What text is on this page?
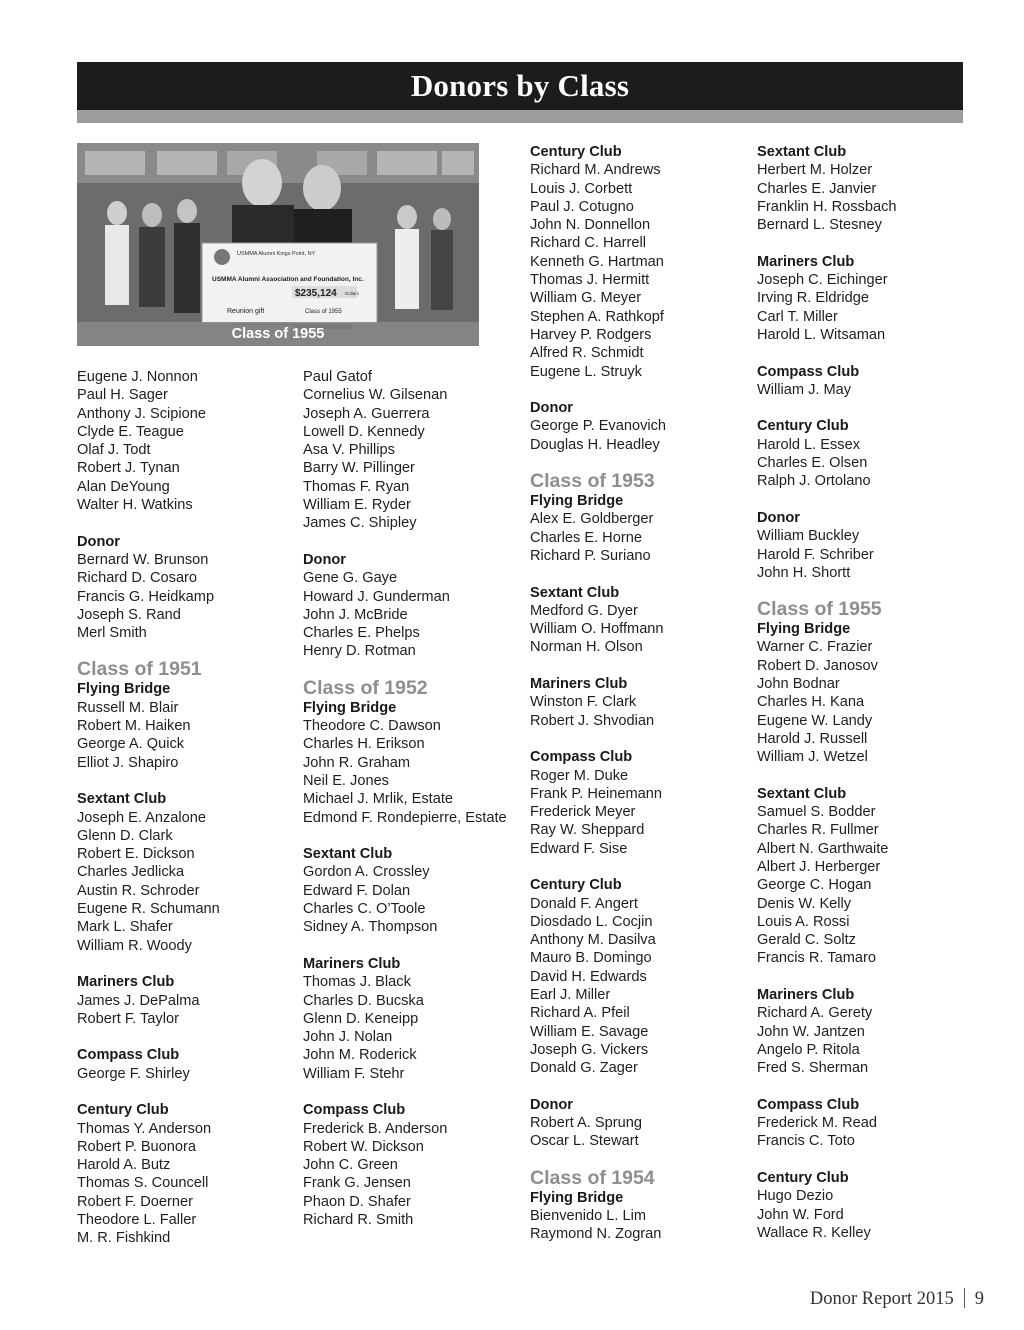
Donors by Class
USMMA Alumni Kings Point, NY
USMMA Alumni Association and Foundation, Inc.
$235,124 Dollars
Reunion gift	Class of 1955
Class of 1955
Eugene J. Nonnon
Paul H. Sager
Anthony J. Scipione
Clyde E. Teague
Olaf J. Todt
Robert J. Tynan
Alan DeYoung
Walter H. Watkins
Donor
Bernard W. Brunson
Richard D. Cosaro
Francis G. Heidkamp
Joseph S. Rand
Merl Smith
Class of 1951
Flying Bridge
Russell M. Blair
Robert M. Haiken
George A. Quick
Elliot J. Shapiro
Sextant Club
Joseph E. Anzalone
Glenn D. Clark
Robert E. Dickson
Charles Jedlicka
Austin R. Schroder
Eugene R. Schumann
Mark L. Shafer
William R. Woody
Mariners Club
James J. DePalma
Robert F. Taylor
Compass Club
George F. Shirley
Century Club
Thomas Y. Anderson
Robert P. Buonora
Harold A. Butz
Thomas S. Councell
Robert F. Doerner
Theodore L. Faller
M. R. Fishkind
Paul Gatof
Cornelius W. Gilsenan
Joseph A. Guerrera
Lowell D. Kennedy
Asa V. Phillips
Barry W. Pillinger
Thomas F. Ryan
William E. Ryder
James C. Shipley
Donor
Gene G. Gaye
Howard J. Gunderman
John J. McBride
Charles E. Phelps
Henry D. Rotman
Class of 1952
Flying Bridge
Theodore C. Dawson
Charles H. Erikson
John R. Graham
Neil E. Jones
Michael J. Mrlik, Estate
Edmond F. Rondepierre, Estate
Sextant Club
Gordon A. Crossley
Edward F. Dolan
Charles C. O’Toole
Sidney A. Thompson
Mariners Club
Thomas J. Black
Charles D. Bucska
Glenn D. Keneipp
John J. Nolan
John M. Roderick
William F. Stehr
Compass Club
Frederick B. Anderson
Robert W. Dickson
John C. Green
Frank G. Jensen
Phaon D. Shafer
Richard R. Smith
Century Club
Richard M. Andrews
Louis J. Corbett
Paul J. Cotugno
John N. Donnellon
Richard C. Harrell
Kenneth G. Hartman
Thomas J. Hermitt
William G. Meyer
Stephen A. Rathkopf
Harvey P. Rodgers
Alfred R. Schmidt
Eugene L. Struyk
Donor
George P. Evanovich
Douglas H. Headley
Class of 1953
Flying Bridge
Alex E. Goldberger
Charles E. Horne
Richard P. Suriano
Sextant Club
Medford G. Dyer
William O. Hoffmann
Norman H. Olson
Mariners Club
Winston F. Clark
Robert J. Shvodian
Compass Club
Roger M. Duke
Frank P. Heinemann
Frederick Meyer
Ray W. Sheppard
Edward F. Sise
Century Club
Donald F. Angert
Diosdado L. Cocjin
Anthony M. Dasilva
Mauro B. Domingo
David H. Edwards
Earl J. Miller
Richard A. Pfeil
William E. Savage
Joseph G. Vickers
Donald G. Zager
Donor
Robert A. Sprung
Oscar L. Stewart
Class of 1954
Flying Bridge
Bienvenido L. Lim
Raymond N. Zogran
Sextant Club
Herbert M. Holzer
Charles E. Janvier
Franklin H. Rossbach
Bernard L. Stesney
Mariners Club
Joseph C. Eichinger
Irving R. Eldridge
Carl T. Miller
Harold L. Witsaman
Compass Club
William J. May
Century Club
Harold L. Essex
Charles E. Olsen
Ralph J. Ortolano
Donor
William Buckley
Harold F. Schriber
John H. Shortt
Class of 1955
Flying Bridge
Warner C. Frazier
Robert D. Janosov
John Bodnar
Charles H. Kana
Eugene W. Landy
Harold J. Russell
William J. Wetzel
Sextant Club
Samuel S. Bodder
Charles R. Fullmer
Albert N. Garthwaite
Albert J. Herberger
George C. Hogan
Denis W. Kelly
Louis A. Rossi
Gerald C. Soltz
Francis R. Tamaro
Mariners Club
Richard A. Gerety
John W. Jantzen
Angelo P. Ritola
Fred S. Sherman
Compass Club
Frederick M. Read
Francis C. Toto
Century Club
Hugo Dezio
John W. Ford
Wallace R. Kelley
Donor Report 2015 9
